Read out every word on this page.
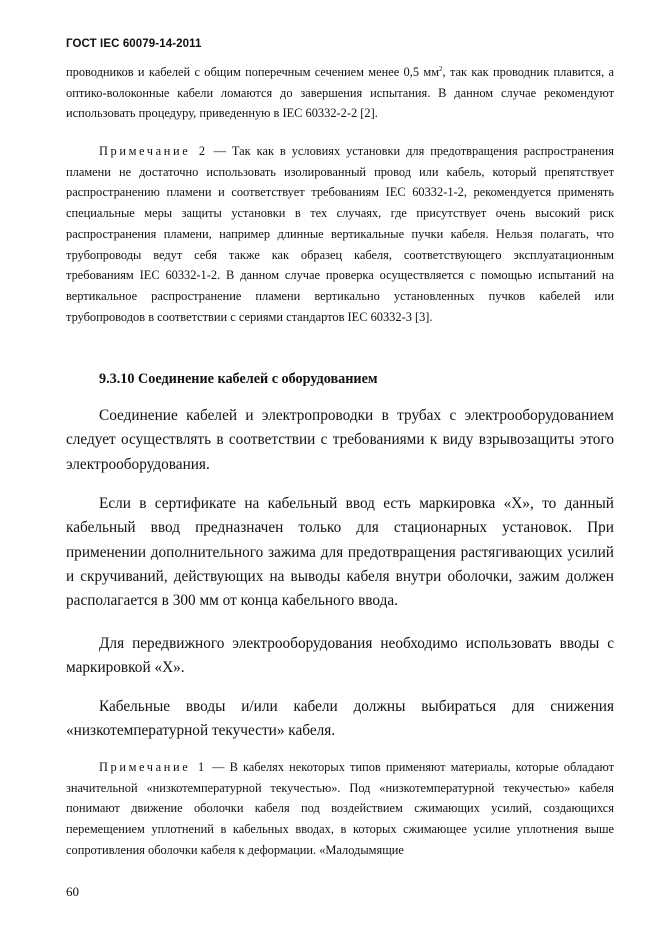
ГОСТ IEC 60079-14-2011

проводников и кабелей с общим поперечным сечением менее 0,5 $мм^2$, так как проводник плавится, а оптико-волоконные кабели ломаются до завершения испытания. В данном случае рекомендуют использовать процедуру, приведенную в IEC 60332-2-2 [2].

Примечание 2 — Так как в условиях установки для предотвращения распространения пламени не достаточно использовать изолированный провод или кабель, который препятствует распространению пламени и соответствует требованиям IEC 60332-1-2, рекомендуется применять специальные меры защиты установки в тех случаях, где присутствует очень высокий риск распространения пламени, например длинные вертикальные пучки кабеля. Нельзя полагать, что трубопроводы ведут себя также как образец кабеля, соответствующего эксплуатационным требованиям IEC 60332-1-2. В данном случае проверка осуществляется с помощью испытаний на вертикальное распространение пламени вертикально установленных пучков кабелей или трубопроводов в соответствии с сериями стандартов IEC 60332-3 [3].

9.3.10 Соединение кабелей с оборудованием

Соединение кабелей и электропроводки в трубах с электрооборудованием следует осуществлять в соответствии с требованиями к виду взрывозащиты этого электрооборудования.

Если в сертификате на кабельный ввод есть маркировка «X», то данный кабельный ввод предназначен только для стационарных установок. При применении дополнительного зажима для предотвращения растягивающих усилий и скручиваний, действующих на выводы кабеля внутри оболочки, зажим должен располагается в 300 мм от конца кабельного ввода.

Для передвижного электрооборудования необходимо использовать вводы с маркировкой «X».

Кабельные вводы и/или кабели должны выбираться для снижения «низкотемпературной текучести» кабеля.

Примечание 1 — В кабелях некоторых типов применяют материалы, которые обладают значительной «низкотемпературной текучестью». Под «низкотемпературной текучестью» кабеля понимают движение оболочки кабеля под воздействием сжимающих усилий, создающихся перемещением уплотнений в кабельных вводах, в которых сжимающее усилие уплотнения выше сопротивления оболочки кабеля к деформации. «Малодымящие

60
